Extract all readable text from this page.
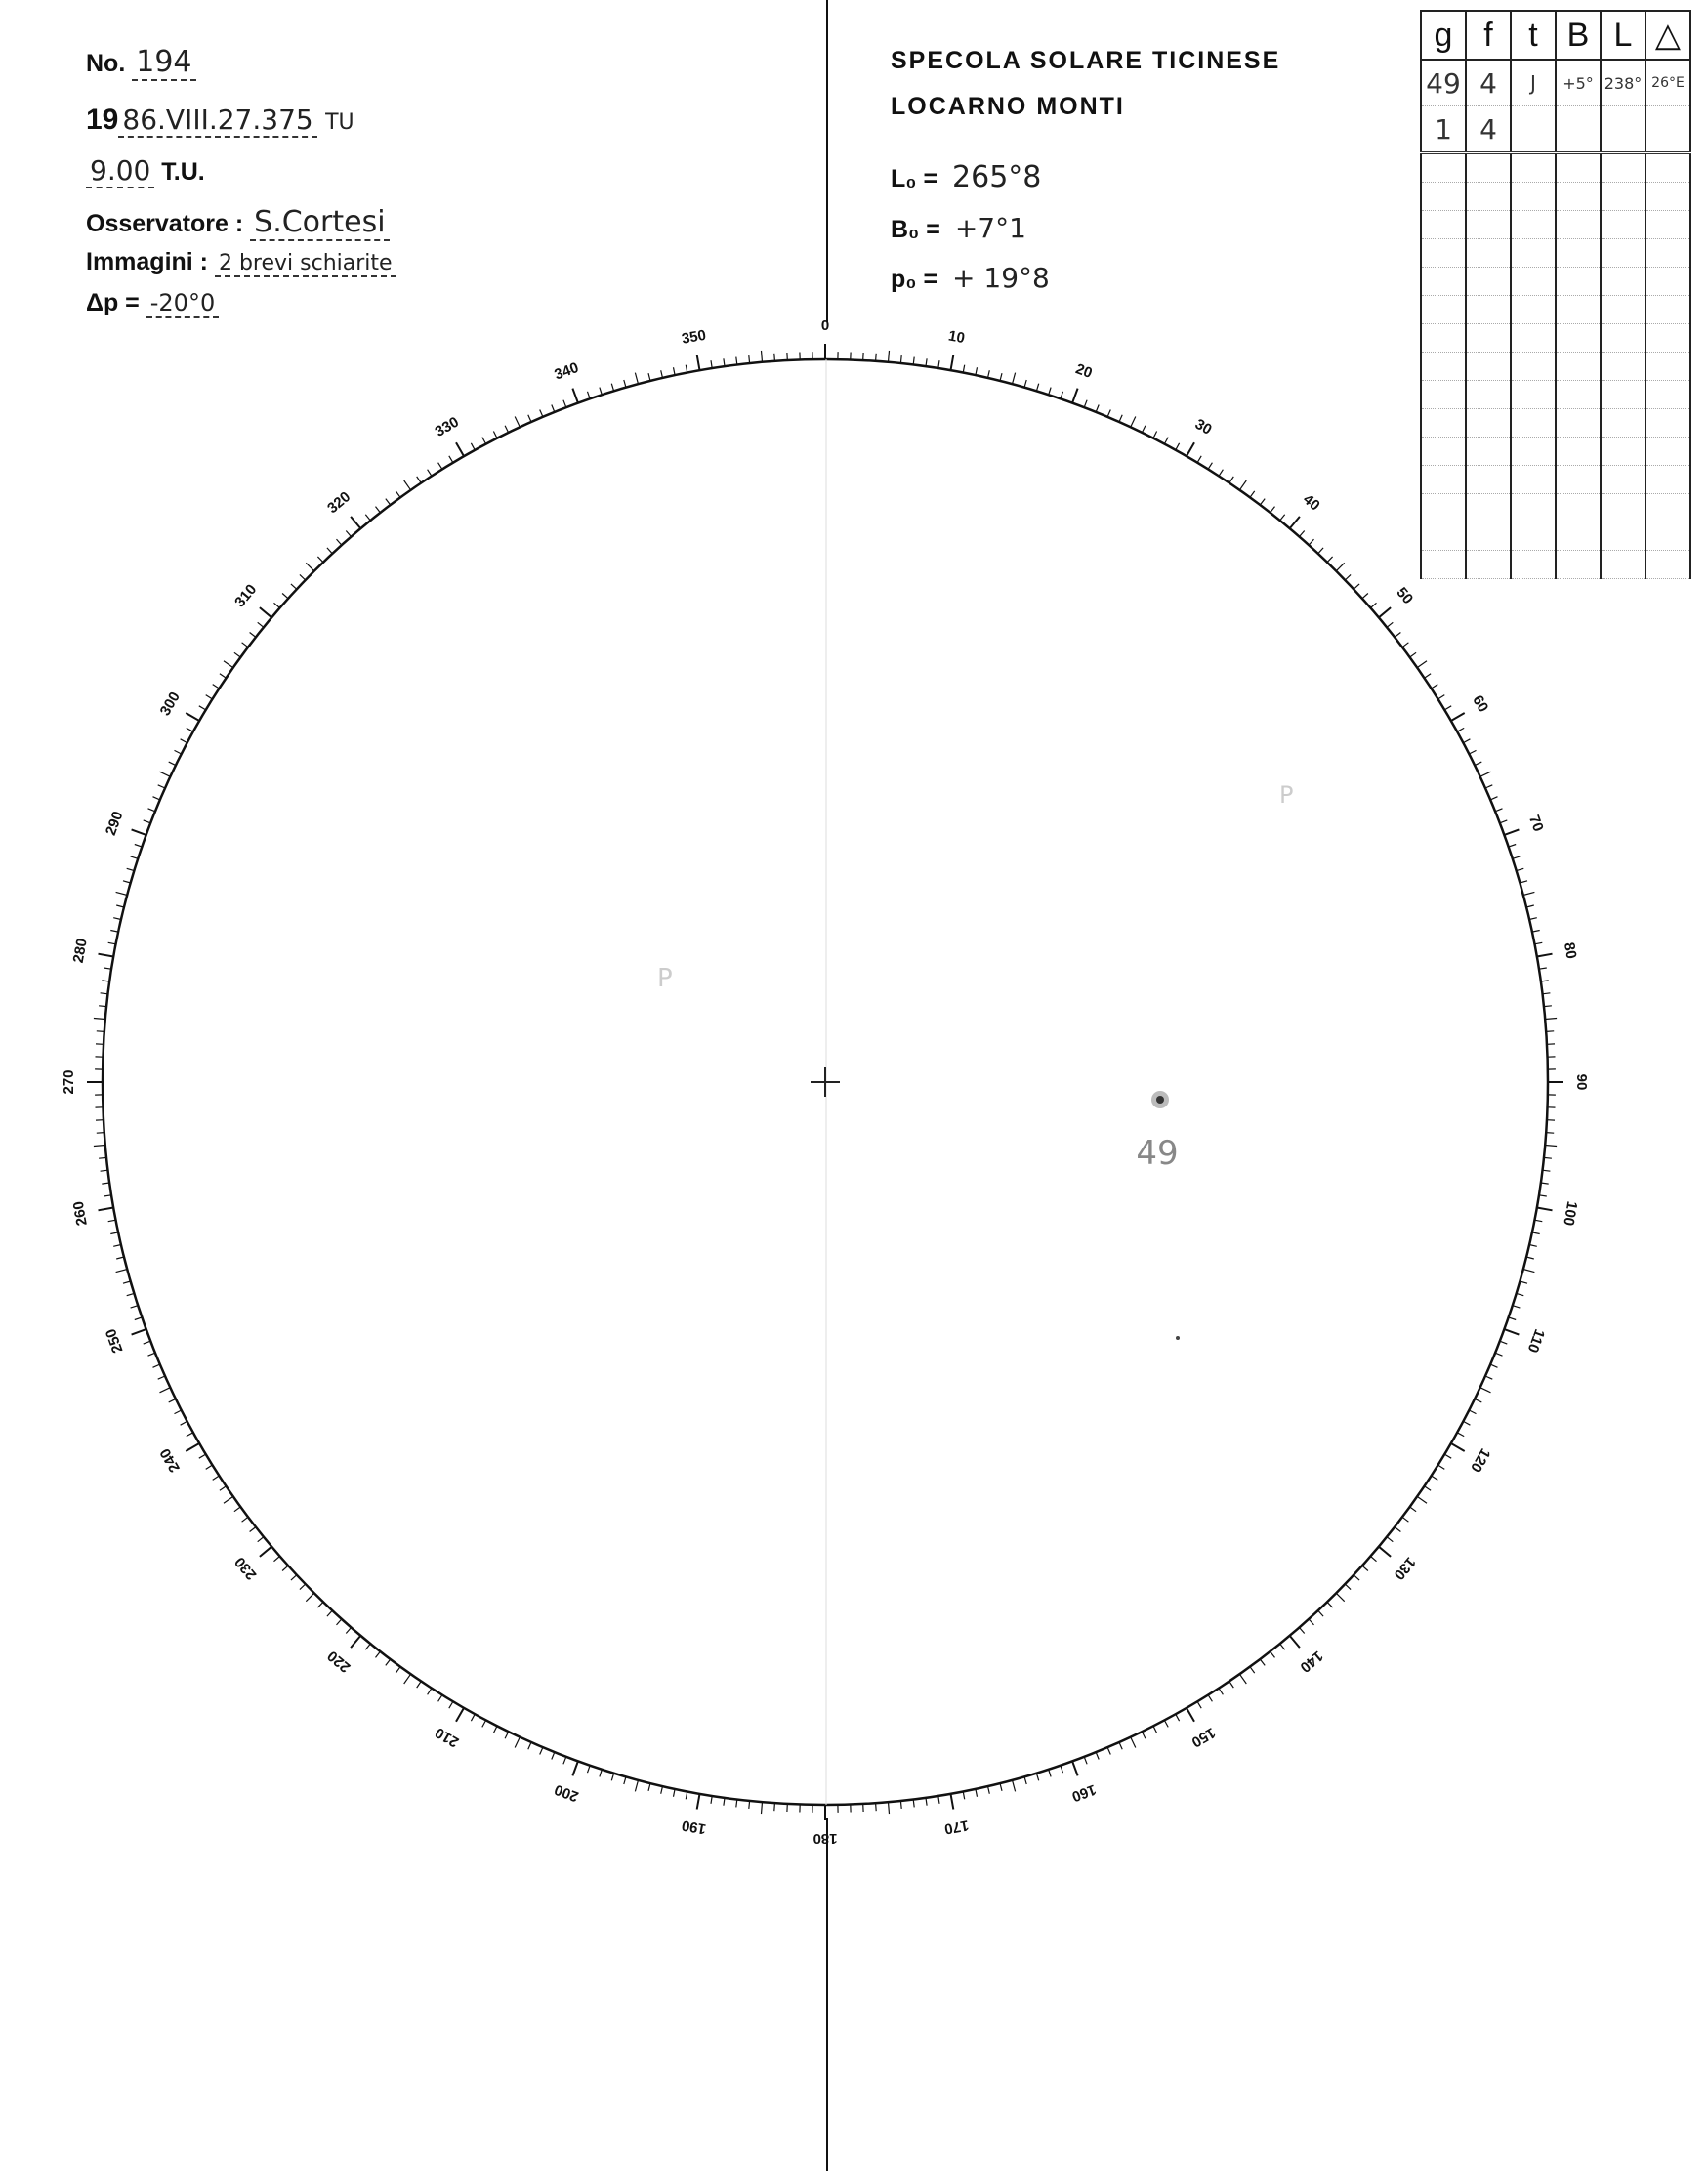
No. 194
19 86.VIII.27.375 TU
9.00 T.U.
Osservatore : S.Cortesi
Immagini : 2 brevi schiarite
Δp = -20°0
SPECOLA SOLARE TICINESE
LOCARNO MONTI
L₀ = 265°8
B₀ = +7°1
p₀ = + 19°8
g	f	t	B	L	△
49	4	J	+5°	238°	26°E
1	4				

0
10
20
30
40
50
60
70
80
90
100
110
120
130
140
150
160
170
180
190
200
210
220
230
240
250
260
270
280
290
300
310
320
330
340
350
49
P
P
